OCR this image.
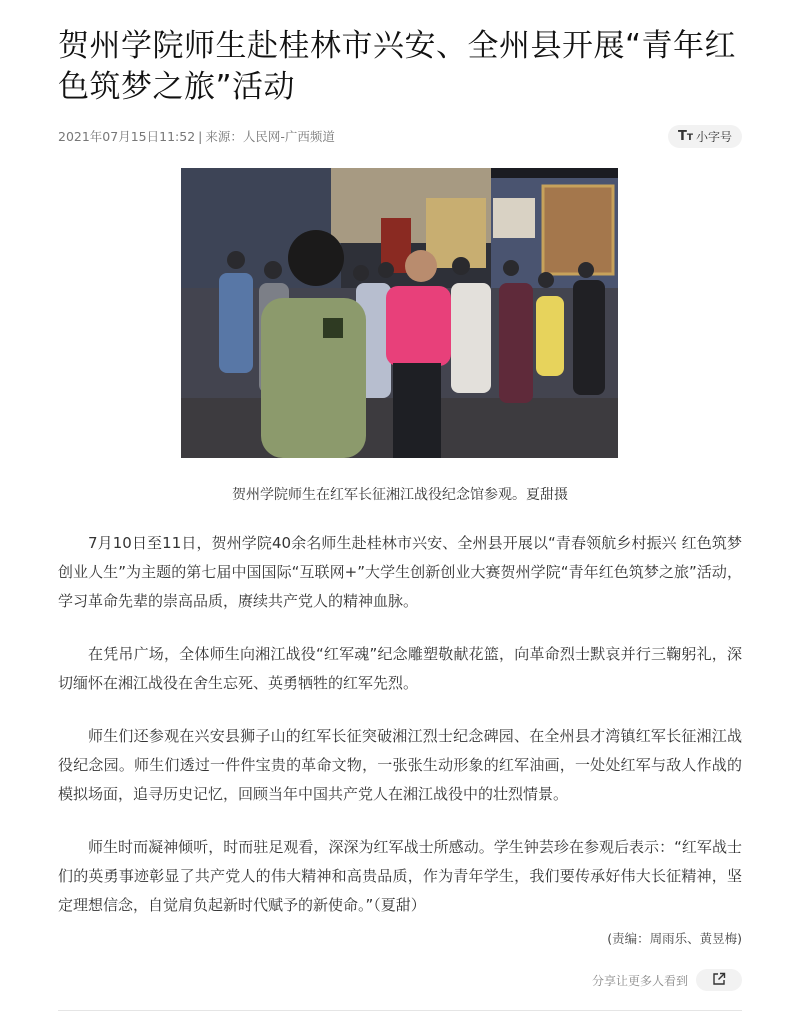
贺州学院师生赴桂林市兴安、全州县开展“青年红色筑梦之旅”活动
2021年07月15日11:52 | 来源：人民网-广西频道	TT 小字号
贺州学院师生在红军长征湘江战役纪念馆参观。夏甜摄

7月10日至11日，贺州学院40余名师生赴桂林市兴安、全州县开展以“青春领航乡村振兴 红色筑梦创业人生”为主题的第七届中国国际“互联网+”大学生创新创业大赛贺州学院“青年红色筑梦之旅”活动，学习革命先辈的崇高品质，赓续共产党人的精神血脉。

在凭吊广场，全体师生向湘江战役“红军魂”纪念雕塑敬献花篮，向革命烈士默哀并行三鞠躬礼，深切缅怀在湘江战役在舍生忘死、英勇牺牲的红军先烈。

师生们还参观在兴安县狮子山的红军长征突破湘江烈士纪念碑园、在全州县才湾镇红军长征湘江战役纪念园。师生们透过一件件宝贵的革命文物，一张张生动形象的红军油画，一处处红军与敌人作战的模拟场面，追寻历史记忆，回顾当年中国共产党人在湘江战役中的壮烈情景。

师生时而凝神倾听，时而驻足观看，深深为红军战士所感动。学生钟芸珍在参观后表示：“红军战士们的英勇事迹彰显了共产党人的伟大精神和高贵品质，作为青年学生，我们要传承好伟大长征精神，坚定理想信念，自觉肩负起新时代赋予的新使命。”（夏甜）

(责编：周雨乐、黄昱梅)
分享让更多人看到
